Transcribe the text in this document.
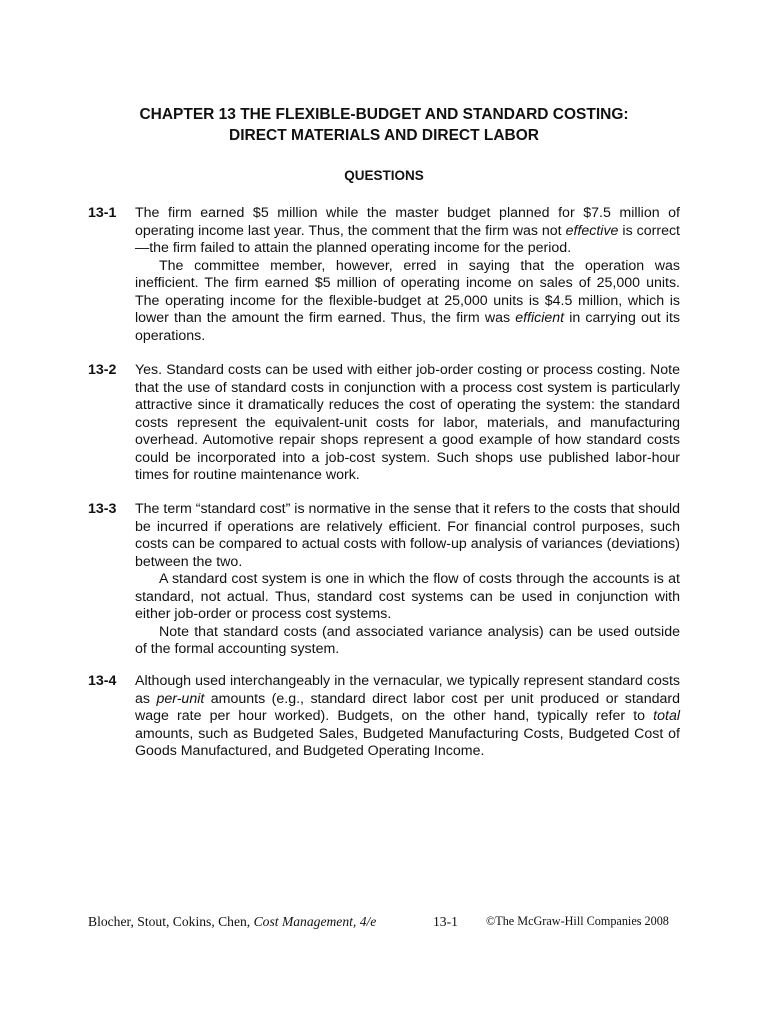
CHAPTER 13 THE FLEXIBLE-BUDGET AND STANDARD COSTING:
DIRECT MATERIALS AND DIRECT LABOR
QUESTIONS
13-1	The firm earned $5 million while the master budget planned for $7.5 million of operating income last year. Thus, the comment that the firm was not effective is correct—the firm failed to attain the planned operating income for the period.

The committee member, however, erred in saying that the operation was inefficient. The firm earned $5 million of operating income on sales of 25,000 units. The operating income for the flexible-budget at 25,000 units is $4.5 million, which is lower than the amount the firm earned. Thus, the firm was efficient in carrying out its operations.

13-2	Yes. Standard costs can be used with either job-order costing or process costing. Note that the use of standard costs in conjunction with a process cost system is particularly attractive since it dramatically reduces the cost of operating the system: the standard costs represent the equivalent-unit costs for labor, materials, and manufacturing overhead. Automotive repair shops represent a good example of how standard costs could be incorporated into a job-cost system. Such shops use published labor-hour times for routine maintenance work.

13-3	The term “standard cost” is normative in the sense that it refers to the costs that should be incurred if operations are relatively efficient. For financial control purposes, such costs can be compared to actual costs with follow-up analysis of variances (deviations) between the two.

A standard cost system is one in which the flow of costs through the accounts is at standard, not actual. Thus, standard cost systems can be used in conjunction with either job-order or process cost systems.

Note that standard costs (and associated variance analysis) can be used outside of the formal accounting system.

13-4	Although used interchangeably in the vernacular, we typically represent standard costs as per-unit amounts (e.g., standard direct labor cost per unit produced or standard wage rate per hour worked). Budgets, on the other hand, typically refer to total amounts, such as Budgeted Sales, Budgeted Manufacturing Costs, Budgeted Cost of Goods Manufactured, and Budgeted Operating Income.

Blocher, Stout, Cokins, Chen, Cost Management, 4/e	13-1 ©The McGraw-Hill Companies 2008
